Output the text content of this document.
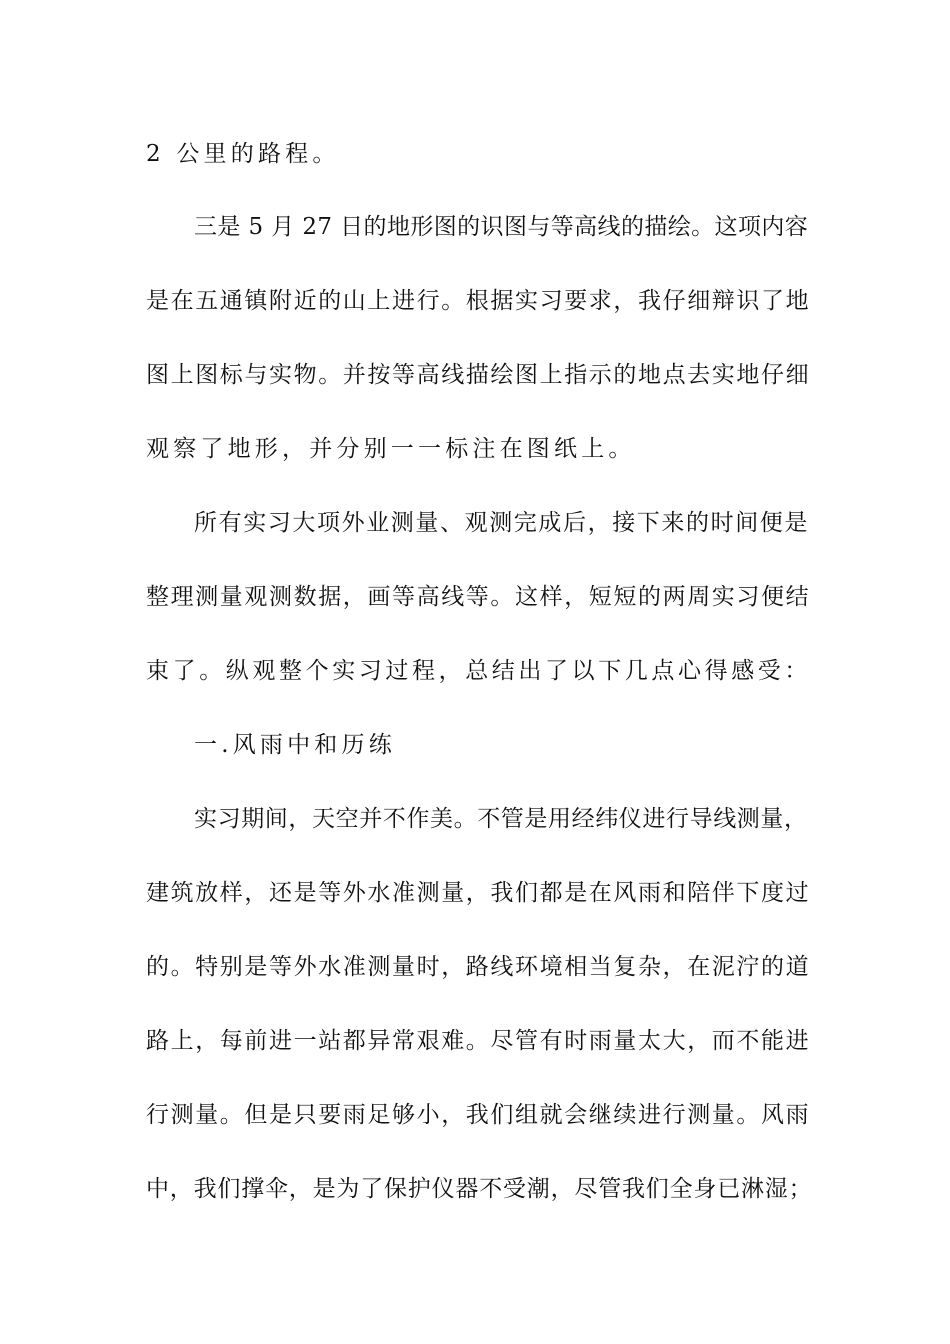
2 公里的路程。
三是 5 月 27 日的地形图的识图与等高线的描绘。这项内容
是在五通镇附近的山上进行。根据实习要求，我仔细辩识了地
图上图标与实物。并按等高线描绘图上指示的地点去实地仔细
观察了地形，并分别一一标注在图纸上。
所有实习大项外业测量、观测完成后，接下来的时间便是
整理测量观测数据，画等高线等。这样，短短的两周实习便结
束了。纵观整个实习过程，总结出了以下几点心得感受：
一.风雨中和历练
实习期间，天空并不作美。不管是用经纬仪进行导线测量，
建筑放样，还是等外水准测量，我们都是在风雨和陪伴下度过
的。特别是等外水准测量时，路线环境相当复杂，在泥泞的道
路上，每前进一站都异常艰难。尽管有时雨量太大，而不能进
行测量。但是只要雨足够小，我们组就会继续进行测量。风雨
中，我们撑伞，是为了保护仪器不受潮，尽管我们全身已淋湿；
